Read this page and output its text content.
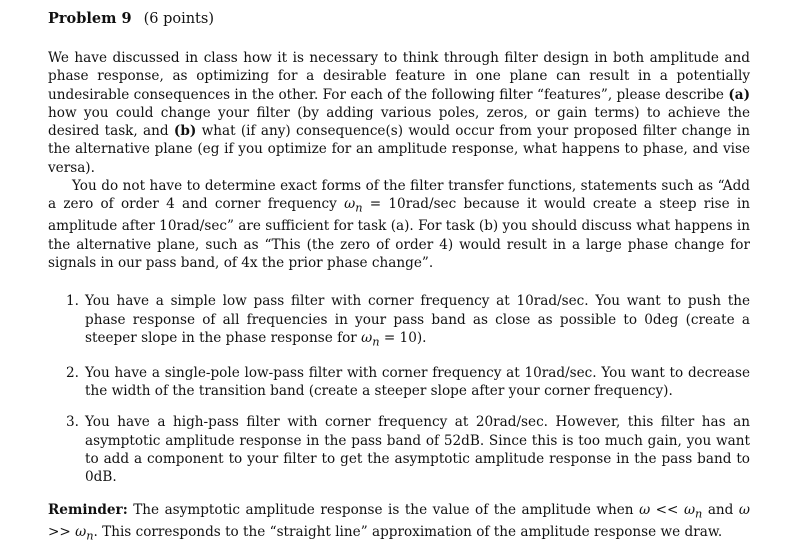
Problem 9 (6 points)

We have discussed in class how it is necessary to think through filter design in both amplitude and phase response, as optimizing for a desirable feature in one plane can result in a potentially undesirable consequences in the other. For each of the following filter “features”, please describe (a) how you could change your filter (by adding various poles, zeros, or gain terms) to achieve the desired task, and (b) what (if any) consequence(s) would occur from your proposed filter change in the alternative plane (eg if you optimize for an amplitude response, what happens to phase, and vise versa).

You do not have to determine exact forms of the filter transfer functions, statements such as “Add a zero of order 4 and corner frequency $\omega_n = 10rad/\sec$ because it would create a steep rise in amplitude after 10rad/sec” are sufficient for task (a). For task (b) you should discuss what happens in the alternative plane, such as “This (the zero of order 4) would result in a large phase change for signals in our pass band, of 4x the prior phase change”.

1. You have a simple low pass filter with corner frequency at 10rad/sec. You want to push the phase response of all frequencies in your pass band as close as possible to 0deg (create a steeper slope in the phase response for $\omega_n = 10$).
2. You have a single-pole low-pass filter with corner frequency at 10rad/sec. You want to decrease the width of the transition band (create a steeper slope after your corner frequency).
3. You have a high-pass filter with corner frequency at 20rad/sec. However, this filter has an asymptotic amplitude response in the pass band of 52dB. Since this is too much gain, you want to add a component to your filter to get the asymptotic amplitude response in the pass band to 0dB.

Reminder: The asymptotic amplitude response is the value of the amplitude when $\omega << \omega_n$ and $\omega >> \omega_n$. This corresponds to the “straight line” approximation of the amplitude response we draw.
